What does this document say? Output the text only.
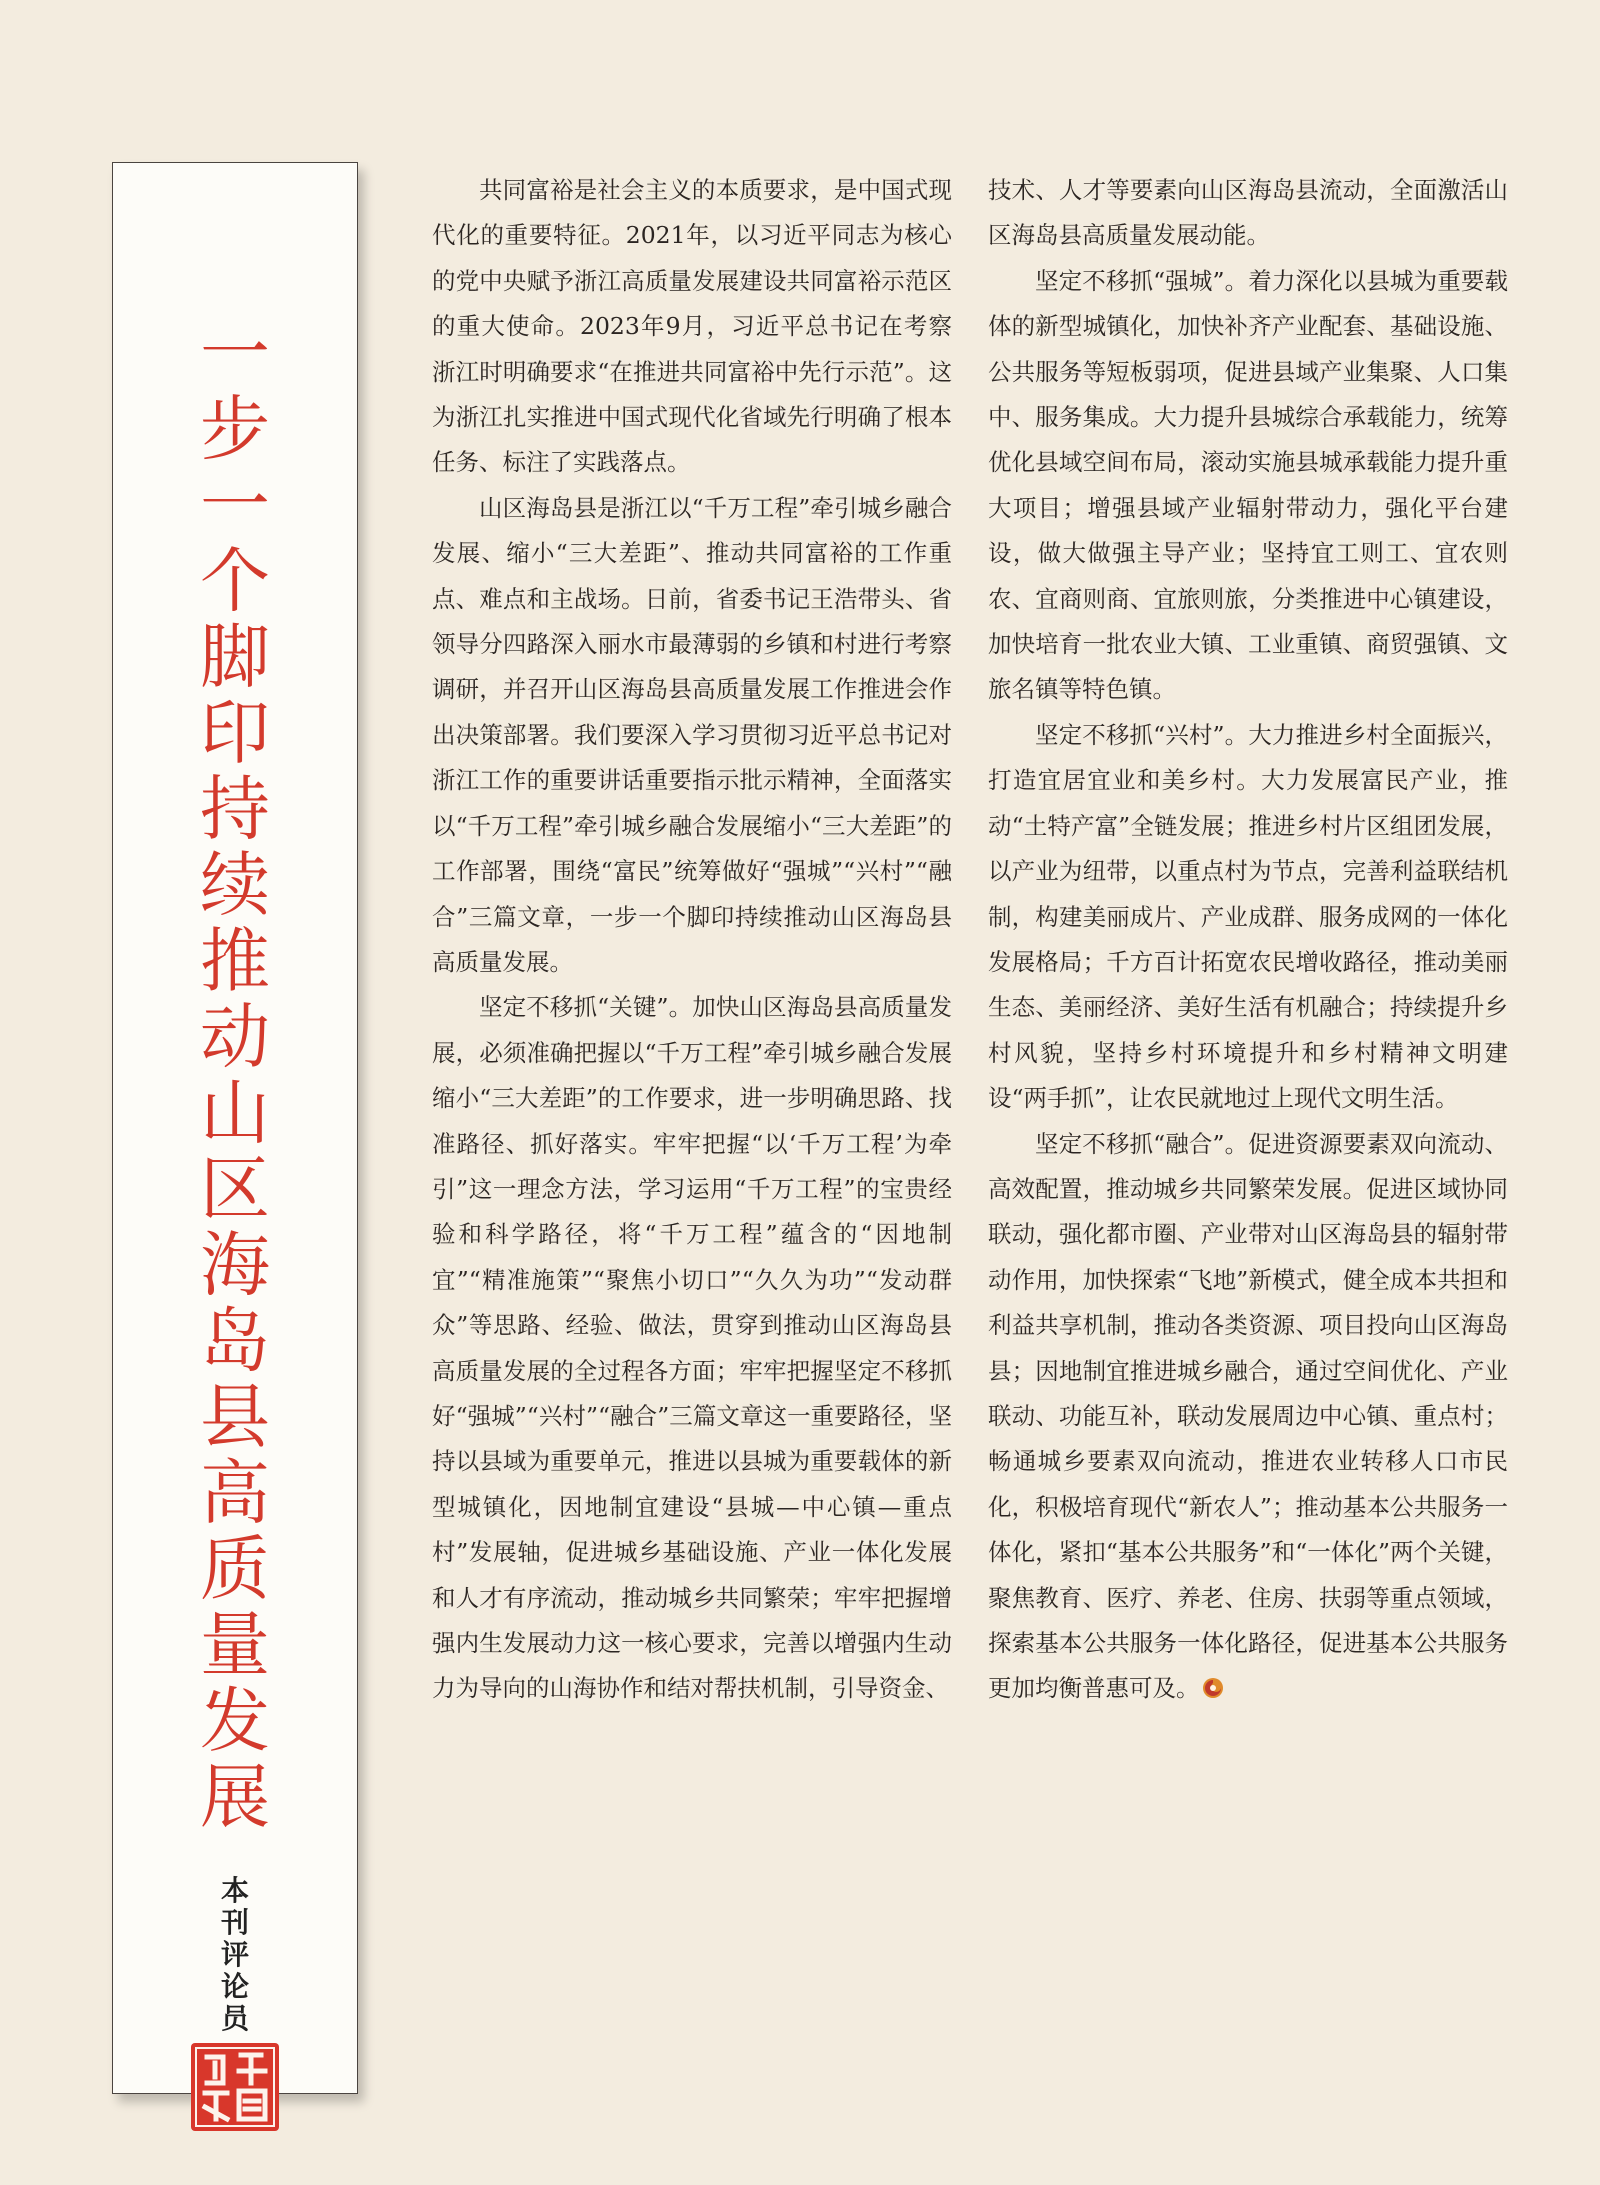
一步一个脚印持续推动山区海岛县高质量发展
本刊评论员

共同富裕是社会主义的本质要求，是中国式现代化的重要特征。2021年，以习近平同志为核心的党中央赋予浙江高质量发展建设共同富裕示范区的重大使命。2023年9月，习近平总书记在考察浙江时明确要求“在推进共同富裕中先行示范”。这为浙江扎实推进中国式现代化省域先行明确了根本任务、标注了实践落点。

山区海岛县是浙江以“千万工程”牵引城乡融合发展、缩小“三大差距”、推动共同富裕的工作重点、难点和主战场。日前，省委书记王浩带头、省领导分四路深入丽水市最薄弱的乡镇和村进行考察调研，并召开山区海岛县高质量发展工作推进会作出决策部署。我们要深入学习贯彻习近平总书记对浙江工作的重要讲话重要指示批示精神，全面落实以“千万工程”牵引城乡融合发展缩小“三大差距”的工作部署，围绕“富民”统筹做好“强城”“兴村”“融合”三篇文章，一步一个脚印持续推动山区海岛县高质量发展。

坚定不移抓“关键”。加快山区海岛县高质量发展，必须准确把握以“千万工程”牵引城乡融合发展缩小“三大差距”的工作要求，进一步明确思路、找准路径、抓好落实。牢牢把握“以‘千万工程’为牵引”这一理念方法，学习运用“千万工程”的宝贵经验和科学路径，将“千万工程”蕴含的“因地制宜”“精准施策”“聚焦小切口”“久久为功”“发动群众”等思路、经验、做法，贯穿到推动山区海岛县高质量发展的全过程各方面；牢牢把握坚定不移抓好“强城”“兴村”“融合”三篇文章这一重要路径，坚持以县域为重要单元，推进以县城为重要载体的新型城镇化，因地制宜建设“县城—中心镇—重点村”发展轴，促进城乡基础设施、产业一体化发展和人才有序流动，推动城乡共同繁荣；牢牢把握增强内生发展动力这一核心要求，完善以增强内生动力为导向的山海协作和结对帮扶机制，引导资金、

技术、人才等要素向山区海岛县流动，全面激活山区海岛县高质量发展动能。

坚定不移抓“强城”。着力深化以县城为重要载体的新型城镇化，加快补齐产业配套、基础设施、公共服务等短板弱项，促进县域产业集聚、人口集中、服务集成。大力提升县城综合承载能力，统筹优化县域空间布局，滚动实施县城承载能力提升重大项目；增强县域产业辐射带动力，强化平台建设，做大做强主导产业；坚持宜工则工、宜农则农、宜商则商、宜旅则旅，分类推进中心镇建设，加快培育一批农业大镇、工业重镇、商贸强镇、文旅名镇等特色镇。

坚定不移抓“兴村”。大力推进乡村全面振兴，打造宜居宜业和美乡村。大力发展富民产业，推动“土特产富”全链发展；推进乡村片区组团发展，以产业为纽带，以重点村为节点，完善利益联结机制，构建美丽成片、产业成群、服务成网的一体化发展格局；千方百计拓宽农民增收路径，推动美丽生态、美丽经济、美好生活有机融合；持续提升乡村风貌，坚持乡村环境提升和乡村精神文明建设“两手抓”，让农民就地过上现代文明生活。

坚定不移抓“融合”。促进资源要素双向流动、高效配置，推动城乡共同繁荣发展。促进区域协同联动，强化都市圈、产业带对山区海岛县的辐射带动作用，加快探索“飞地”新模式，健全成本共担和利益共享机制，推动各类资源、项目投向山区海岛县；因地制宜推进城乡融合，通过空间优化、产业联动、功能互补，联动发展周边中心镇、重点村；畅通城乡要素双向流动，推进农业转移人口市民化，积极培育现代“新农人”；推动基本公共服务一体化，紧扣“基本公共服务”和“一体化”两个关键，聚焦教育、医疗、养老、住房、扶弱等重点领域，探索基本公共服务一体化路径，促进基本公共服务更加均衡普惠可及。
